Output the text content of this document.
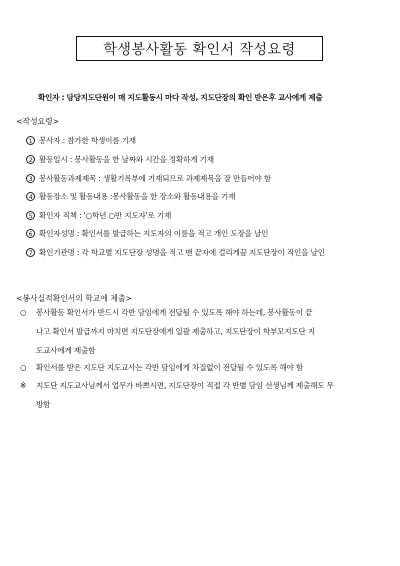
학생봉사활동 확인서 작성요령
확인자 : 담당지도단원이 매 지도활동시 마다 작성, 지도단장의 확인 받은후 교사에게 제출
<작성요령>
1 봉사자 : 참가한 학생이름 기재
2 활동일시 : 봉사활동을 한 날짜와 시간을 정확하게 기재
3 봉사활동과제제목 : 생활기록부에 기재되므로 과제제목을 잘 만들어야 함
4 활동장소 및 활동내용 :봉사활동을 한 장소와 활동내용을 기재
5 확인자 직책 : '○학년 ○반 지도자'로 기재
6 확인자성명 : 확인서를 발급하는 지도자의 이름을 적고 개인 도장을 날인
7 확인기관명 : 각 학교별 지도단장 성명을 적고 맨 끝자에 걸리게끔 지도단장이 직인을 날인
<봉사실적확인서의 학교에 제출>
○ 봉사활동 확인서가 반드시 각반 담임에게 전달될 수 있도록 해야 하는데, 봉사활동이 끝
나고 확인서 발급까지 마치면 지도단장에게 일괄 제출하고, 지도단장이 학부모지도단 지
도교사에게 제출함
○ 확인서를 받은 지도단 지도교사는 각반 담임에게 차질없이 전달될 수 있도록 해야 함
※ 지도단 지도교사님께서 업무가 바쁘시면, 지도단장이 직접 각 반별 담임 선생님께 제출해도 무
방함
